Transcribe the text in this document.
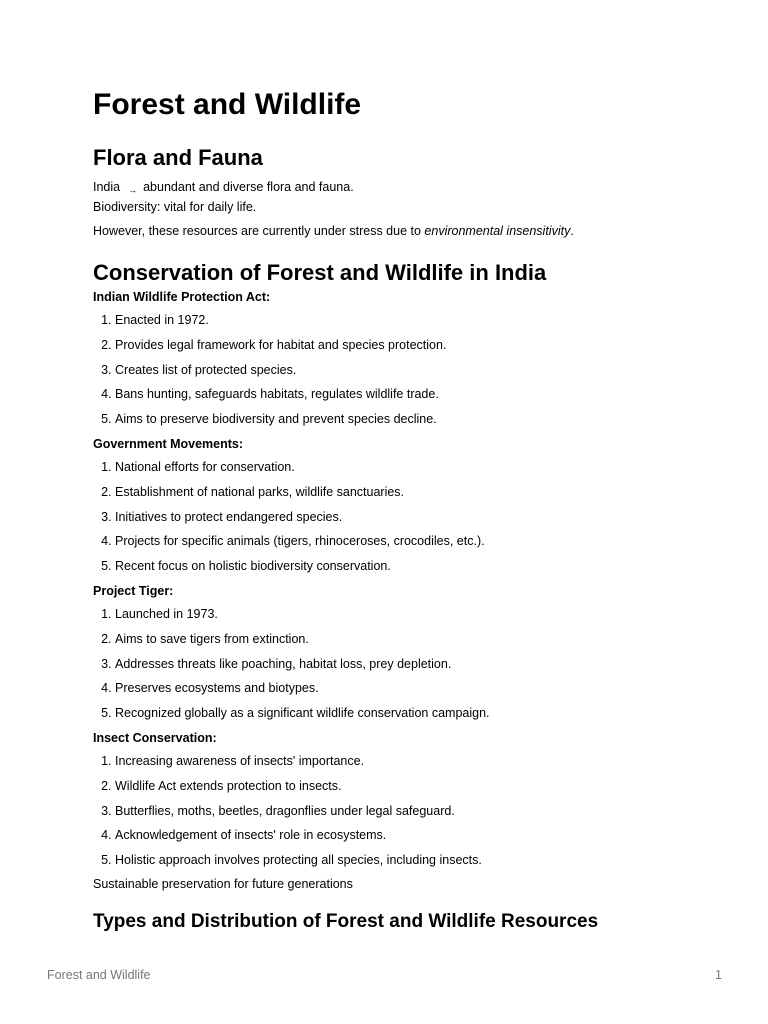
Forest and Wildlife
Flora and Fauna

India → abundant and diverse flora and fauna.

Biodiversity: vital for daily life.

However, these resources are currently under stress due to environmental insensitivity.

Conservation of Forest and Wildlife in India
Indian Wildlife Protection Act:
1. Enacted in 1972.
2. Provides legal framework for habitat and species protection.
3. Creates list of protected species.
4. Bans hunting, safeguards habitats, regulates wildlife trade.
5. Aims to preserve biodiversity and prevent species decline.
Government Movements:
1. National efforts for conservation.
2. Establishment of national parks, wildlife sanctuaries.
3. Initiatives to protect endangered species.
4. Projects for specific animals (tigers, rhinoceroses, crocodiles, etc.).
5. Recent focus on holistic biodiversity conservation.
Project Tiger:
1. Launched in 1973.
2. Aims to save tigers from extinction.
3. Addresses threats like poaching, habitat loss, prey depletion.
4. Preserves ecosystems and biotypes.
5. Recognized globally as a significant wildlife conservation campaign.
Insect Conservation:
1. Increasing awareness of insects' importance.
2. Wildlife Act extends protection to insects.
3. Butterflies, moths, beetles, dragonflies under legal safeguard.
4. Acknowledgement of insects' role in ecosystems.
5. Holistic approach involves protecting all species, including insects.

Sustainable preservation for future generations

Types and Distribution of Forest and Wildlife Resources
Forest and Wildlife	1
